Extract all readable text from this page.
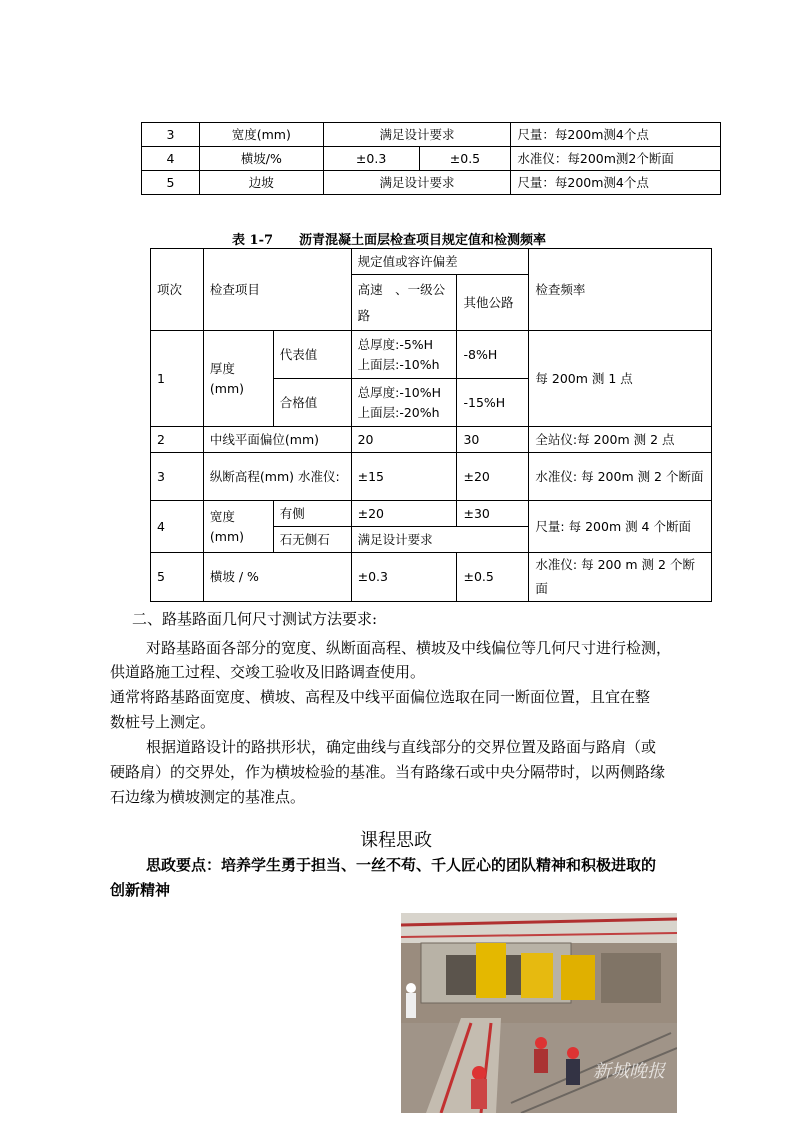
3	宽度(mm)	满足设计要求		尺量：每200m测4个点
4	横坡/%	±0.3	±0.5	水准仪：每200m测2个断面
5	边坡	满足设计要求		尺量：每200m测4个点
表 1-7　　沥青混凝土面层检查项目规定值和检测频率
项次	检查项目		规定值或容许偏差		检查频率
			高速　、一级公路	其他公路	
1	厚度(mm)	代表值	总厚度:-5%H
上面层:-10%h	-8%H	每 200m 测 1 点
		合格值	总厚度:-10%H
上面层:-20%h	-15%H	
2	中线平面偏位(mm)		20	30	全站仪:每 200m 测 2 点
3	纵断高程(mm) 水准仪:		±15	±20	水准仪: 每 200m 测 2 个断面
4	宽度(mm)	有侧	±20	±30	尺量: 每 200m 测 4 个断面
		石无侧石	满足设计要求		
5	横坡 / %		±0.3	±0.5	水准仪: 每 200 m 测 2 个断面
二、路基路面几何尺寸测试方法要求:
对路基路面各部分的宽度、纵断面高程、横坡及中线偏位等几何尺寸进行检测，
供道路施工过程、交竣工验收及旧路调查使用。
通常将路基路面宽度、横坡、高程及中线平面偏位选取在同一断面位置，且宜在整
数桩号上测定。
根据道路设计的路拱形状，确定曲线与直线部分的交界位置及路面与路肩（或
硬路肩）的交界处，作为横坡检验的基准。当有路缘石或中央分隔带时，以两侧路缘
石边缘为横坡测定的基准点。
课程思政
思政要点：培养学生勇于担当、一丝不苟、千人匠心的团队精神和积极进取的
创新精神
新城晚报
